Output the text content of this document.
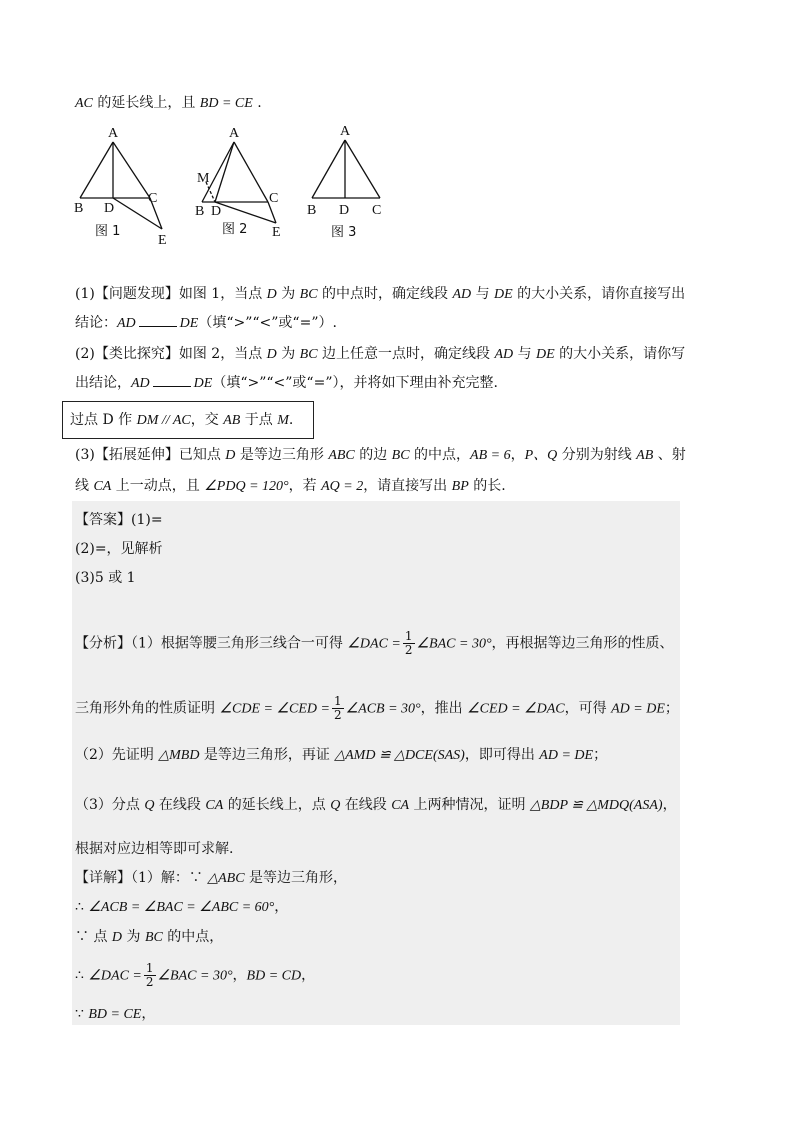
AC 的延长线上，且 BD = CE .
A
B D
C
E
图 1
A
M
B D
C
E
图 2
A
B D C
图 3
(1)【问题发现】如图 1，当点 D 为 BC 的中点时，确定线段 AD 与 DE 的大小关系，请你直接写出
结论：AD	DE（填“>”“<”或“=”）.
(2)【类比探究】如图 2，当点 D 为 BC 边上任意一点时，确定线段 AD 与 DE 的大小关系，请你写
出结论，AD	DE（填“>”“<”或“=”），并将如下理由补充完整.
过点 D 作 DM // AC，交 AB 于点 M.
(3)【拓展延伸】已知点 D 是等边三角形 ABC 的边 BC 的中点，AB = 6，P、Q 分别为射线 AB 、射
线 CA 上一动点，且 ∠PDQ = 120°，若 AQ = 2，请直接写出 BP 的长.
【答案】(1)=
(2)=，见解析
(3)5 或 1
【分析】（1）根据等腰三角形三线合一可得 ∠DAC = $\frac{1}{2}$ ∠BAC = 30°，再根据等边三角形的性质、
三角形外角的性质证明 ∠CDE = ∠CED = $\frac{1}{2}$ ∠ACB = 30°，推出 ∠CED = ∠DAC，可得 AD = DE；
（2）先证明 △MBD 是等边三角形，再证 △AMD ≌ △DCE(SAS)，即可得出 AD = DE；
（3）分点 Q 在线段 CA 的延长线上，点 Q 在线段 CA 上两种情况，证明 △BDP ≌ △MDQ(ASA)，
根据对应边相等即可求解.
【详解】（1）解：∵ △ABC 是等边三角形，
∴ ∠ACB = ∠BAC = ∠ABC = 60°，
∵ 点 D 为 BC 的中点，
∴ ∠DAC = $\frac{1}{2}$ ∠BAC = 30°，BD = CD，
∵ BD = CE，
